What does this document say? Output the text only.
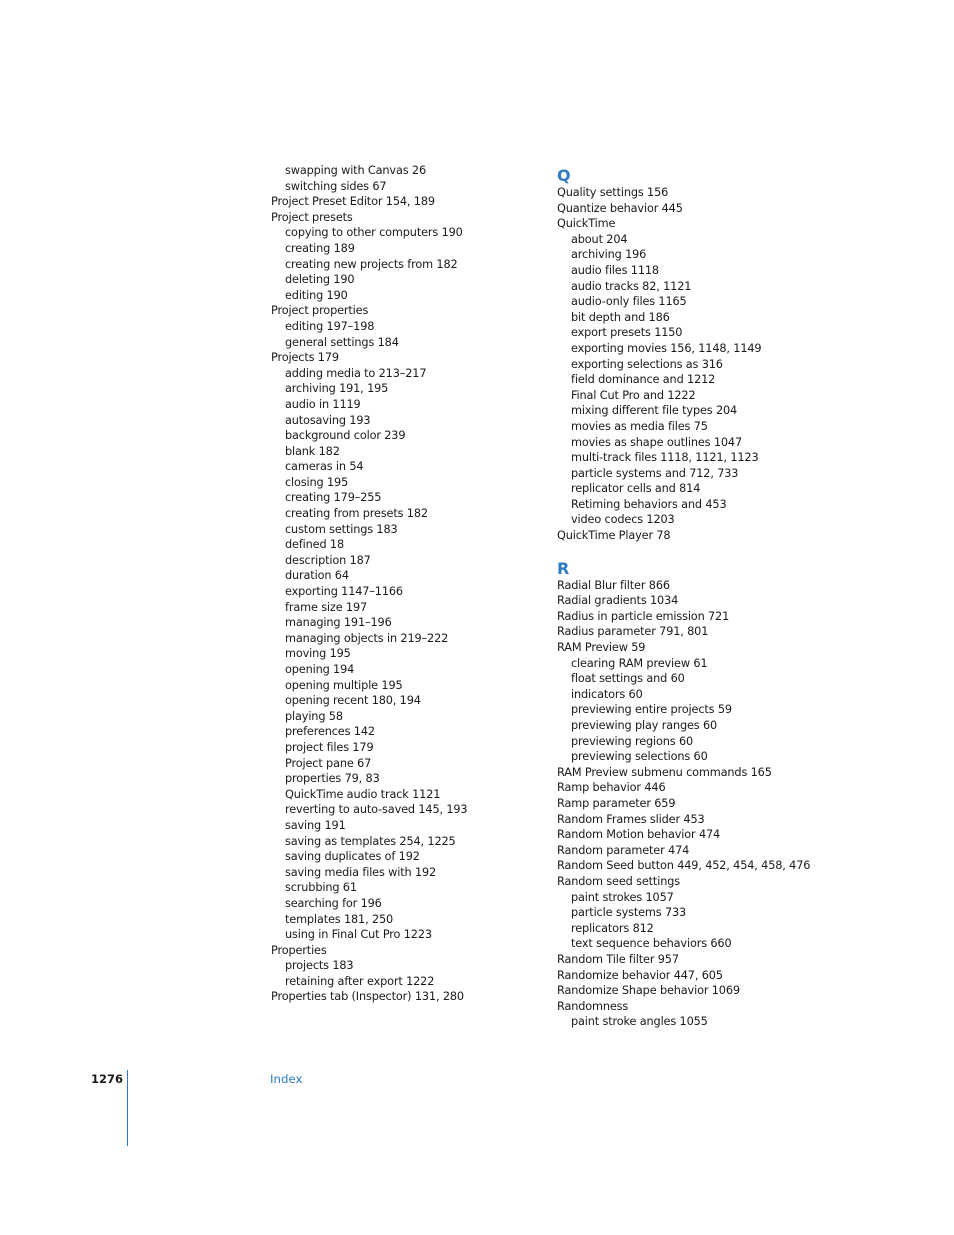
swapping with Canvas 26
switching sides 67
Project Preset Editor 154, 189
Project presets
copying to other computers 190
creating 189
creating new projects from 182
deleting 190
editing 190
Project properties
editing 197–198
general settings 184
Projects 179
adding media to 213–217
archiving 191, 195
audio in 1119
autosaving 193
background color 239
blank 182
cameras in 54
closing 195
creating 179–255
creating from presets 182
custom settings 183
defined 18
description 187
duration 64
exporting 1147–1166
frame size 197
managing 191–196
managing objects in 219–222
moving 195
opening 194
opening multiple 195
opening recent 180, 194
playing 58
preferences 142
project files 179
Project pane 67
properties 79, 83
QuickTime audio track 1121
reverting to auto-saved 145, 193
saving 191
saving as templates 254, 1225
saving duplicates of 192
saving media files with 192
scrubbing 61
searching for 196
templates 181, 250
using in Final Cut Pro 1223
Properties
projects 183
retaining after export 1222
Properties tab (Inspector) 131, 280
Q
Quality settings 156
Quantize behavior 445
QuickTime
about 204
archiving 196
audio files 1118
audio tracks 82, 1121
audio-only files 1165
bit depth and 186
export presets 1150
exporting movies 156, 1148, 1149
exporting selections as 316
field dominance and 1212
Final Cut Pro and 1222
mixing different file types 204
movies as media files 75
movies as shape outlines 1047
multi-track files 1118, 1121, 1123
particle systems and 712, 733
replicator cells and 814
Retiming behaviors and 453
video codecs 1203
QuickTime Player 78
R
Radial Blur filter 866
Radial gradients 1034
Radius in particle emission 721
Radius parameter 791, 801
RAM Preview 59
clearing RAM preview 61
float settings and 60
indicators 60
previewing entire projects 59
previewing play ranges 60
previewing regions 60
previewing selections 60
RAM Preview submenu commands 165
Ramp behavior 446
Ramp parameter 659
Random Frames slider 453
Random Motion behavior 474
Random parameter 474
Random Seed button 449, 452, 454, 458, 476
Random seed settings
paint strokes 1057
particle systems 733
replicators 812
text sequence behaviors 660
Random Tile filter 957
Randomize behavior 447, 605
Randomize Shape behavior 1069
Randomness
paint stroke angles 1055
1276	Index
